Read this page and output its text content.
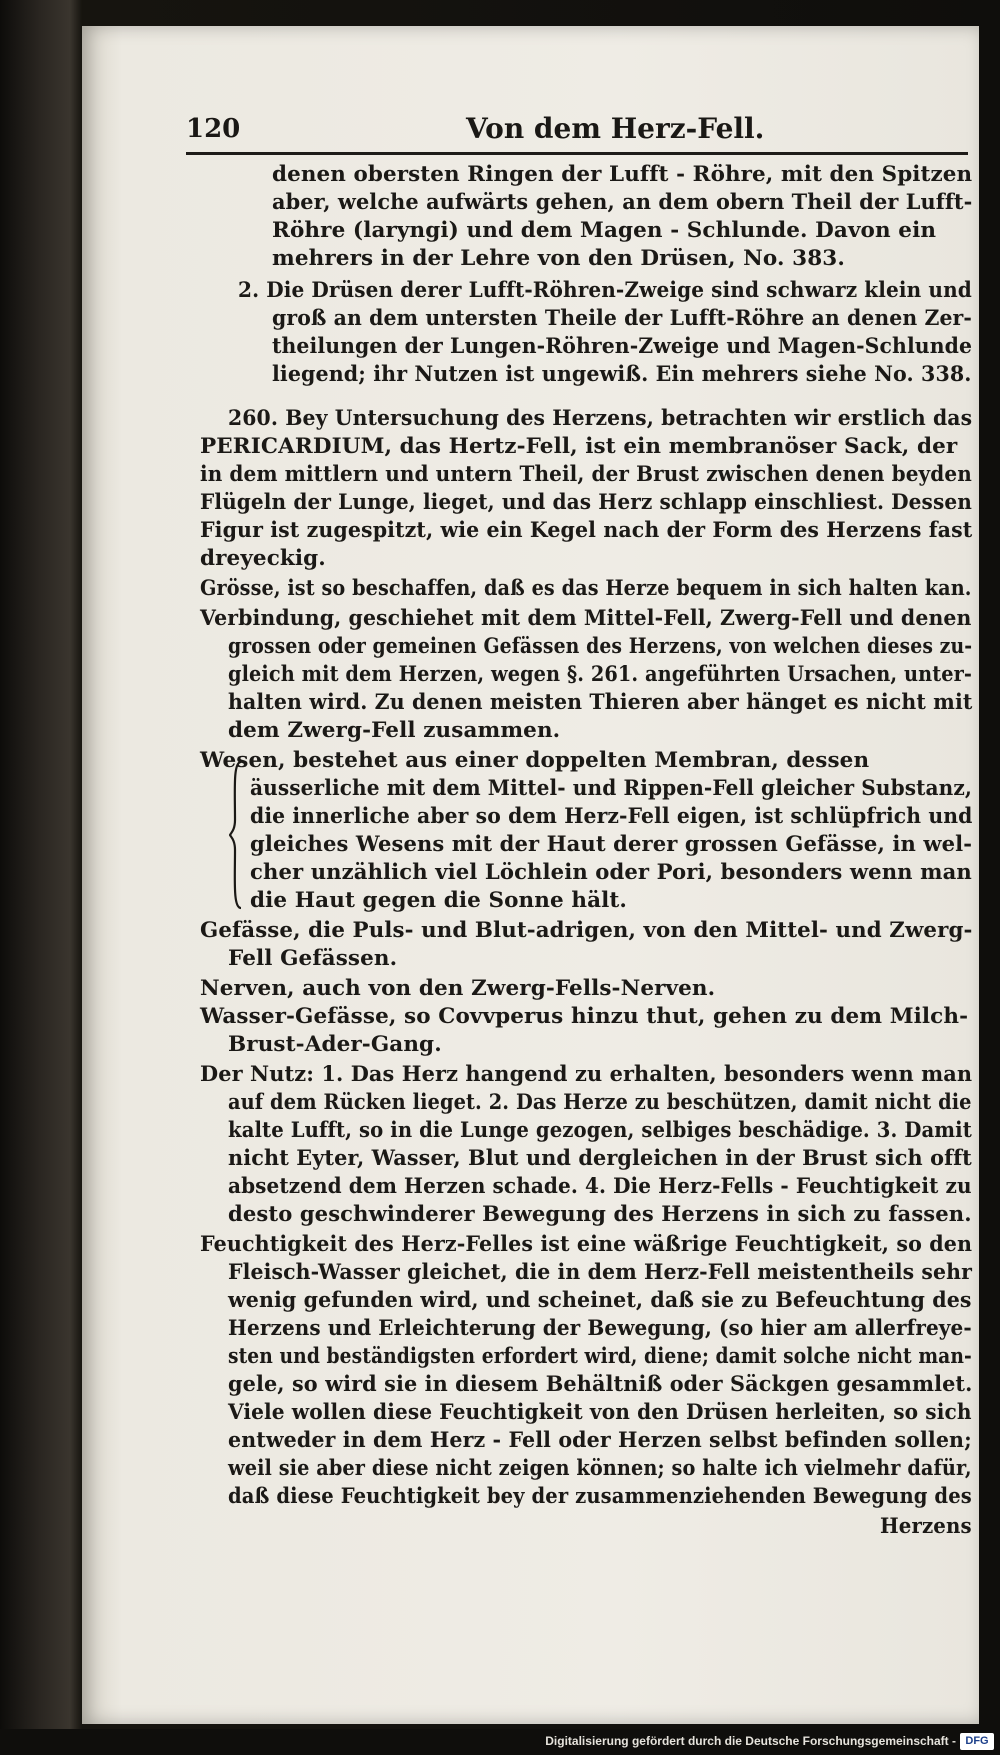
120	Von dem Herz-Fell.
denen obersten Ringen der Lufft - Röhre, mit den Spitzen
aber, welche aufwärts gehen, an dem obern Theil der Lufft-
Röhre (laryngi) und dem Magen - Schlunde. Davon ein
mehrers in der Lehre von den Drüsen, No. 383.
2. Die Drüsen derer Lufft-Röhren-Zweige sind schwarz klein und
groß an dem untersten Theile der Lufft-Röhre an denen Zer-
theilungen der Lungen-Röhren-Zweige und Magen-Schlunde
liegend; ihr Nutzen ist ungewiß. Ein mehrers siehe No. 338.
260. Bey Untersuchung des Herzens, betrachten wir erstlich das
PERICARDIUM, das Hertz-Fell, ist ein membranöser Sack, der
in dem mittlern und untern Theil, der Brust zwischen denen beyden
Flügeln der Lunge, lieget, und das Herz schlapp einschliest. Dessen
Figur ist zugespitzt, wie ein Kegel nach der Form des Herzens fast
dreyeckig.
Grösse, ist so beschaffen, daß es das Herze bequem in sich halten kan.
Verbindung, geschiehet mit dem Mittel-Fell, Zwerg-Fell und denen
grossen oder gemeinen Gefässen des Herzens, von welchen dieses zu-
gleich mit dem Herzen, wegen §. 261. angeführten Ursachen, unter-
halten wird. Zu denen meisten Thieren aber hänget es nicht mit
dem Zwerg-Fell zusammen.
Wesen, bestehet aus einer doppelten Membran, dessen
äusserliche mit dem Mittel- und Rippen-Fell gleicher Substanz,
die innerliche aber so dem Herz-Fell eigen, ist schlüpfrich und
gleiches Wesens mit der Haut derer grossen Gefässe, in wel-
cher unzählich viel Löchlein oder Pori, besonders wenn man
die Haut gegen die Sonne hält.
Gefässe, die Puls- und Blut-adrigen, von den Mittel- und Zwerg-
Fell Gefässen.
Nerven, auch von den Zwerg-Fells-Nerven.
Wasser-Gefässe, so Covvperus hinzu thut, gehen zu dem Milch-
Brust-Ader-Gang.
Der Nutz: 1. Das Herz hangend zu erhalten, besonders wenn man
auf dem Rücken lieget. 2. Das Herze zu beschützen, damit nicht die
kalte Lufft, so in die Lunge gezogen, selbiges beschädige. 3. Damit
nicht Eyter, Wasser, Blut und dergleichen in der Brust sich offt
absetzend dem Herzen schade. 4. Die Herz-Fells - Feuchtigkeit zu
desto geschwinderer Bewegung des Herzens in sich zu fassen.
Feuchtigkeit des Herz-Felles ist eine wäßrige Feuchtigkeit, so den
Fleisch-Wasser gleichet, die in dem Herz-Fell meistentheils sehr
wenig gefunden wird, und scheinet, daß sie zu Befeuchtung des
Herzens und Erleichterung der Bewegung, (so hier am allerfreye-
sten und beständigsten erfordert wird, diene; damit solche nicht man-
gele, so wird sie in diesem Behältniß oder Säckgen gesammlet.
Viele wollen diese Feuchtigkeit von den Drüsen herleiten, so sich
entweder in dem Herz - Fell oder Herzen selbst befinden sollen;
weil sie aber diese nicht zeigen können; so halte ich vielmehr dafür,
daß diese Feuchtigkeit bey der zusammenziehenden Bewegung des
Herzens
Digitalisierung gefördert durch die Deutsche Forschungsgemeinschaft - DFG
